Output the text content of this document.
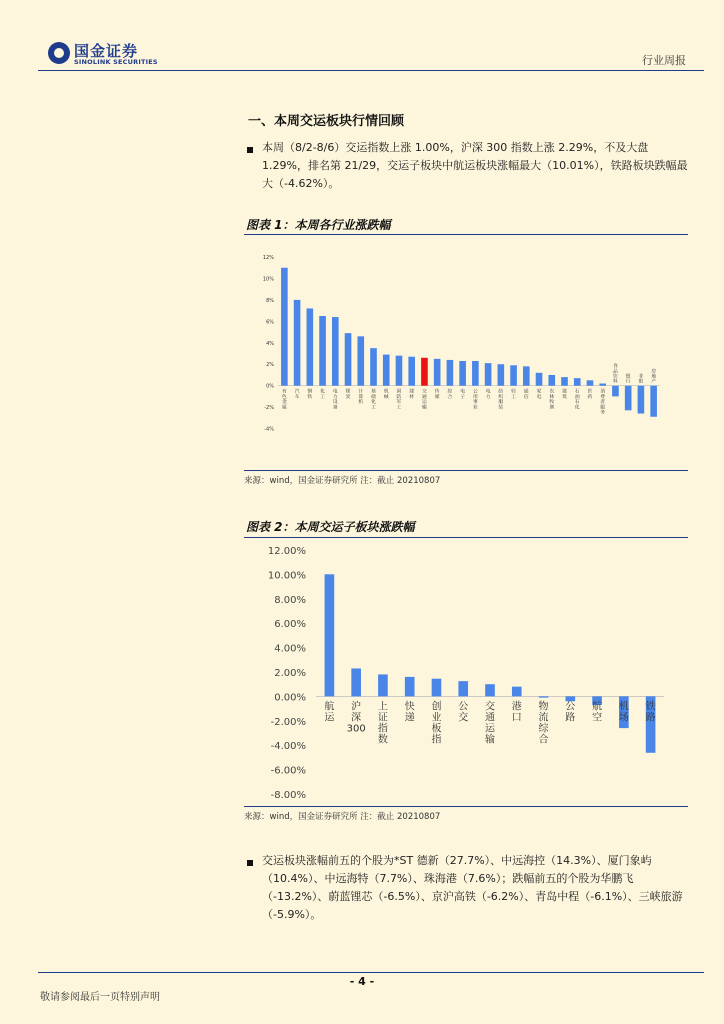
国金证券
SINOLINK SECURITIES	行业周报
一、本周交运板块行情回顾
本周（8/2-8/6）交运指数上涨 1.00%，沪深 300 指数上涨 2.29%，不及大盘 1.29%，排名第 21/29，交运子板块中航运板块涨幅最大（10.01%），铁路板块跌幅最大（-4.62%）。
图表 1：本周各行业涨跌幅
12%
10%
8%
6%
4%
2%
0%
-2%
-4%
有色金属
汽车
钢铁
化工
电力设备
煤炭
计算机
基础化工
机械
国防军工
建材
交通运输
传媒
综合
电子
公用事业
电力
纺织服装
轻工
通信
家电
农林牧渔
建筑
石油石化
医药
消费者服务
食品饮料
银行
非银
房地产
来源：wind，国金证券研究所 注：截止 20210807
图表 2：本周交运子板块涨跌幅
12.00%
10.00%
8.00%
6.00%
4.00%
2.00%
0.00%
-2.00%
-4.00%
-6.00%
-8.00%
航运
沪深 300
上证指数
快递
创业板指
公交
交通运输
港口
物流综合
公路
航空
机场
铁路
来源：wind，国金证券研究所 注：截止 20210807
交运板块涨幅前五的个股为*ST 德新（27.7%）、中远海控（14.3%）、厦门象屿（10.4%）、中远海特（7.7%）、珠海港（7.6%）；跌幅前五的个股为华鹏飞（-13.2%）、蔚蓝锂芯（-6.5%）、京沪高铁（-6.2%）、青岛中程（-6.1%）、三峡旅游（-5.9%）。
- 4 -
敬请参阅最后一页特别声明
